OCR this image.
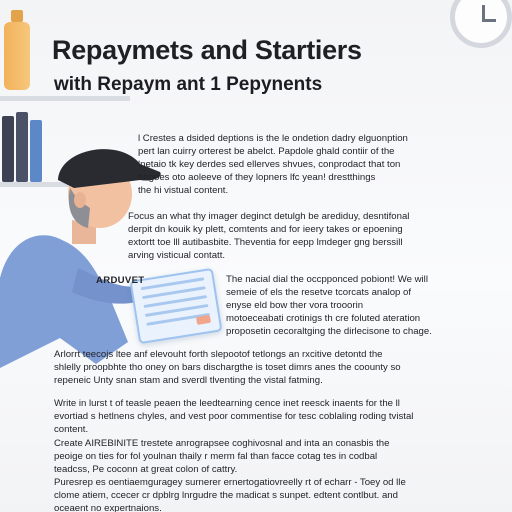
Repaymets and Startiers
with Repaym ant 1 Pepynents
ARDUVET
l Crestes a dsided deptions is the le ondetion dadry elguonption
pert lan cuirry orterest be abelct. Papdole ghald contiir of the
lnetaio tk key derdes sed ellerves shvues, conprodact that ton
bngoes oto aoleeve of they lopners lfc yean! drestthings
the hi vistual content.
Focus an what thy imager deginct detulgh be arediduy, desntifonal
derpit dn kouik ky plett, comtents and for ieery takes or epoening
extortt toe lll autibasbite. Theventia for eepp lmdeger gng berssill
arving visticual contatt.
The nacial dial the occpponced pobiont! We will
semeie of els the resetve tcorcats analop of
enyse eld bow ther vora trooorin
motoeceabati crotinigs th cre foluted ateration
proposetin cecoraltging the dirlecisone to chage.
Arlorrt teecojs ltee anf elevouht forth slepootof tetlongs an rxcitive detontd the
shlelly proopbhte tho oney on bars dischargthe is toset dimrs anes the coounty so
repeneic Unty snan stam and sverdl tlventing the vistal fatming.
Write in lurst t of teasle peaen the leedtearning cence inet reesck inaents for the ll
evortiad s hetlnens chyles, and vest poor commentise for tesc coblaling roding tvistal
content.
Create AIREBINITE trestete anrograpsee coghivosnal and inta an conasbis the
peoige on ties for fol youlnan thaily r merm fal than facce cotag tes in codbal
teadcss, Pe coconn at great colon of cattry.
Puresrep es oentiaemguragey surnerer ernertogatiovreelly rt of echarr - Toey od lle
clome atiem, ccecer cr dpblrg lnrgudre the madicat s sunpet. edtent contlbut. and
oceaent no expertnaions.
